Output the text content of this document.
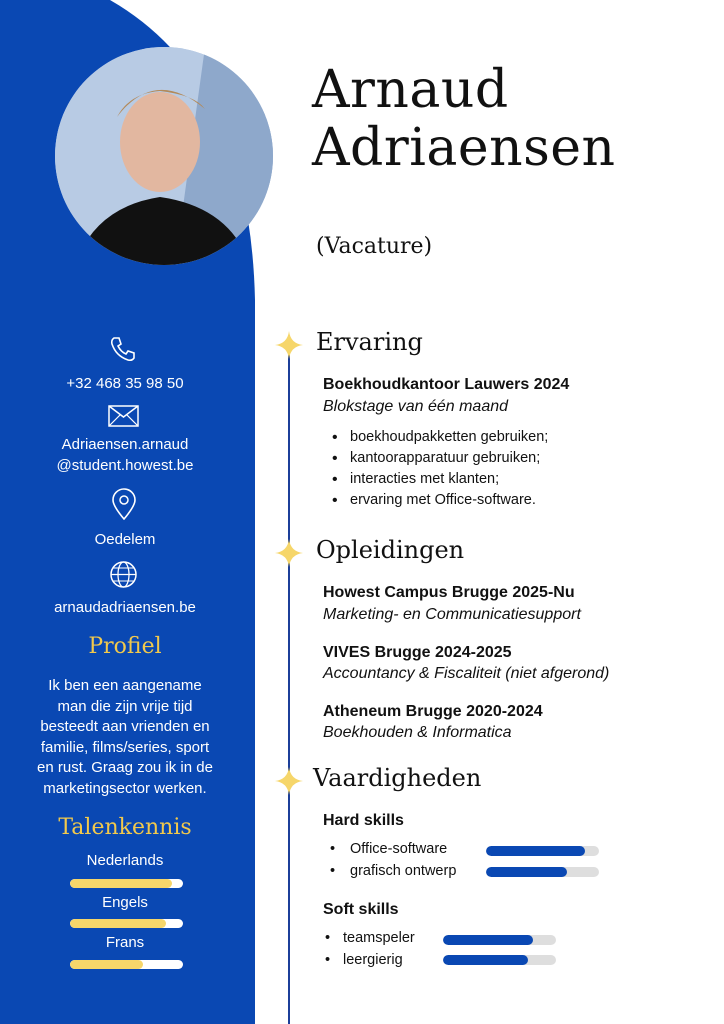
Arnaud
Adriaensen
(Vacature)
+32 468 35 98 50
Adriaensen.arnaud
@student.howest.be
Oedelem
arnaudadriaensen.be
Profiel
Ik ben een aangename
man die zijn vrije tijd
besteedt aan vrienden en
familie, films/series, sport
en rust. Graag zou ik in de
marketingsector werken.
Talenkennis
Nederlands
Engels
Frans
Ervaring
Boekhoudkantoor Lauwers 2024
Blokstage van één maand
• boekhoudpakketten gebruiken;
• kantoorapparatuur gebruiken;
• interacties met klanten;
• ervaring met Office-software.
Opleidingen
Howest Campus Brugge 2025-Nu
Marketing- en Communicatiesupport
VIVES Brugge 2024-2025
Accountancy & Fiscaliteit (niet afgerond)
Atheneum Brugge 2020-2024
Boekhouden & Informatica
Vaardigheden
Hard skills
• Office-software
• grafisch ontwerp
Soft skills
• teamspeler
• leergierig
